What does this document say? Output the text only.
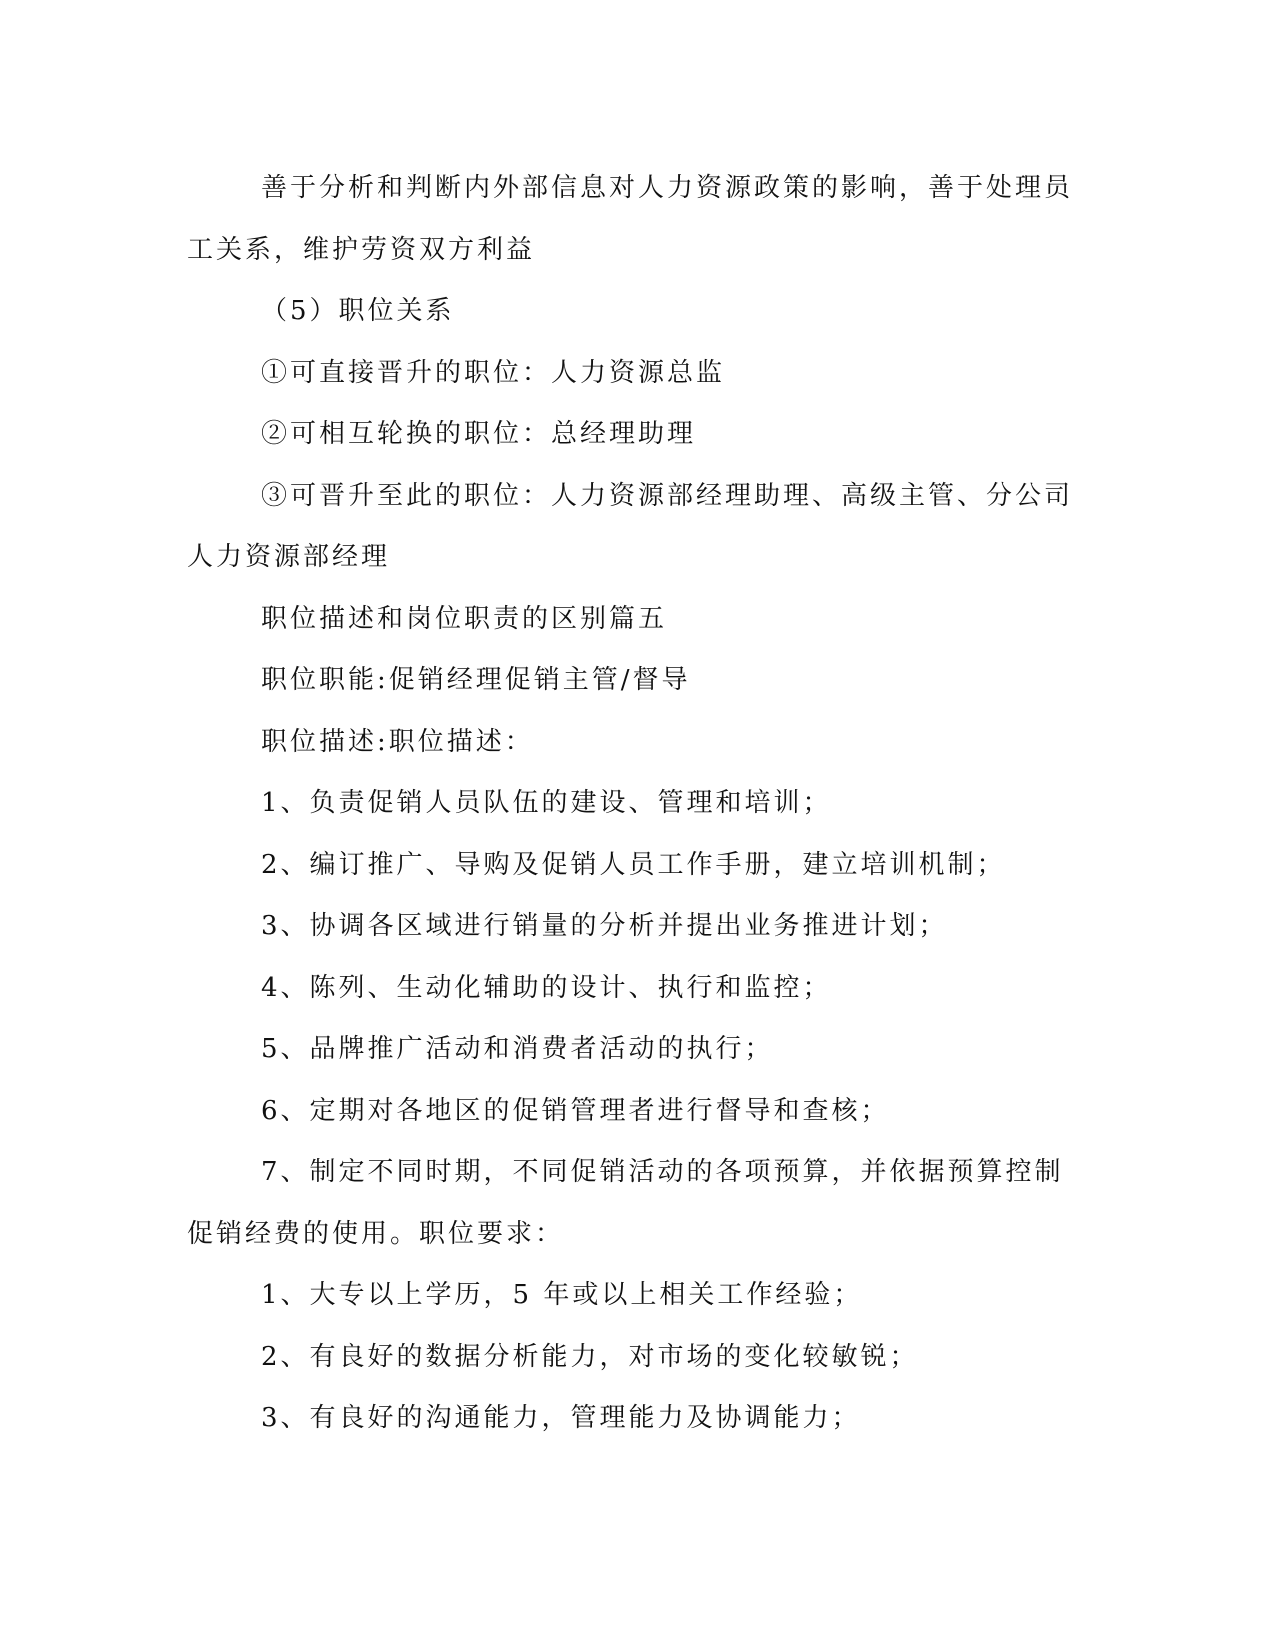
善于分析和判断内外部信息对人力资源政策的影响，善于处理员

工关系，维护劳资双方利益

（5）职位关系

①可直接晋升的职位：人力资源总监

②可相互轮换的职位：总经理助理

③可晋升至此的职位：人力资源部经理助理、高级主管、分公司

人力资源部经理

职位描述和岗位职责的区别篇五

职位职能:促销经理促销主管/督导

职位描述:职位描述：

1、负责促销人员队伍的建设、管理和培训；

2、编订推广、导购及促销人员工作手册，建立培训机制；

3、协调各区域进行销量的分析并提出业务推进计划；

4、陈列、生动化辅助的设计、执行和监控；

5、品牌推广活动和消费者活动的执行；

6、定期对各地区的促销管理者进行督导和查核；

7、制定不同时期，不同促销活动的各项预算，并依据预算控制

促销经费的使用。职位要求：

1、大专以上学历，5 年或以上相关工作经验；

2、有良好的数据分析能力，对市场的变化较敏锐；

3、有良好的沟通能力，管理能力及协调能力；
